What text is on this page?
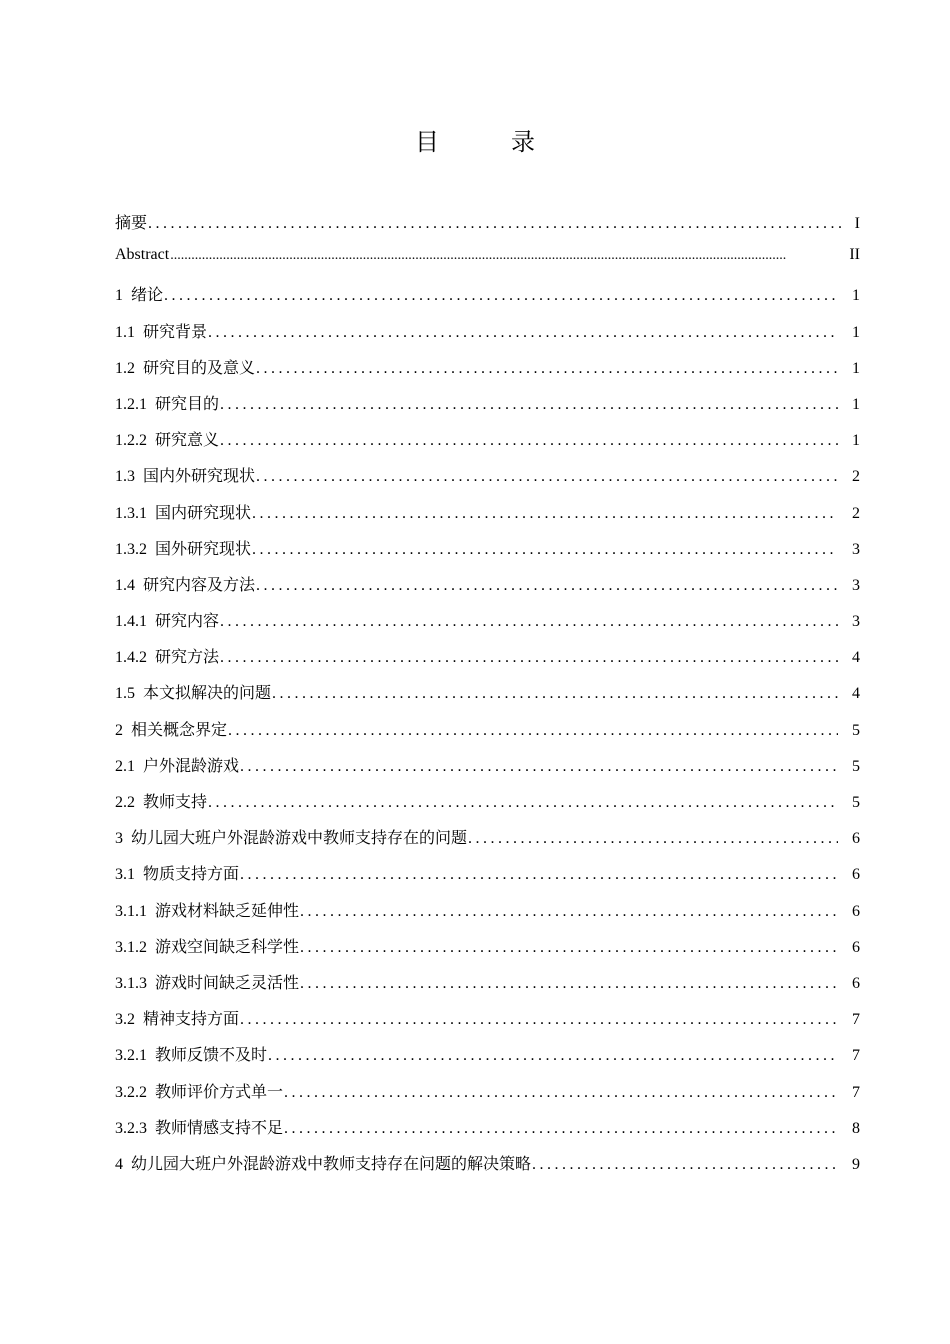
目　录
摘要 .....	I
Abstract .....	II
1 绪论 .....	1
1.1 研究背景 .....	1
1.2 研究目的及意义 .....	1
1.2.1 研究目的 .....	1
1.2.2 研究意义 .....	1
1.3 国内外研究现状 .....	2
1.3.1 国内研究现状 .....	2
1.3.2 国外研究现状 .....	3
1.4 研究内容及方法 .....	3
1.4.1 研究内容 .....	3
1.4.2 研究方法 .....	4
1.5 本文拟解决的问题 .....	4
2 相关概念界定 .....	5
2.1 户外混龄游戏 .....	5
2.2 教师支持 .....	5
3 幼儿园大班户外混龄游戏中教师支持存在的问题 .....	6
3.1 物质支持方面 .....	6
3.1.1 游戏材料缺乏延伸性 .....	6
3.1.2 游戏空间缺乏科学性 .....	6
3.1.3 游戏时间缺乏灵活性 .....	6
3.2 精神支持方面 .....	7
3.2.1 教师反馈不及时 .....	7
3.2.2 教师评价方式单一 .....	7
3.2.3 教师情感支持不足 .....	8
4 幼儿园大班户外混龄游戏中教师支持存在问题的解决策略 .....	9
